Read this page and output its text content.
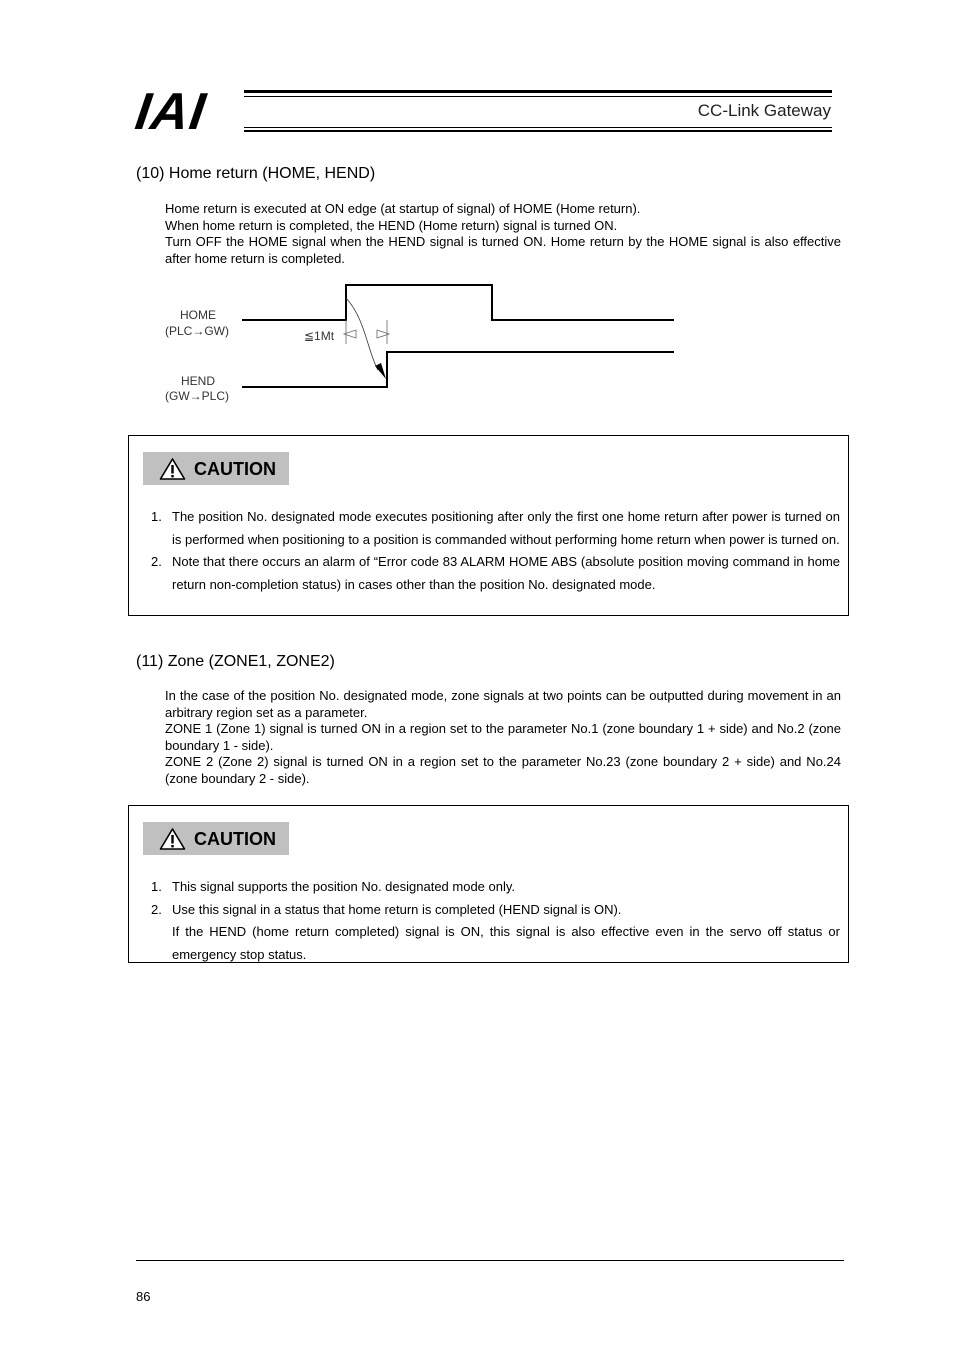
IAI	CC-Link Gateway
(10) Home return (HOME, HEND)

Home return is executed at ON edge (at startup of signal) of HOME (Home return).

When home return is completed, the HEND (Home return) signal is turned ON.

Turn OFF the HOME signal when the HEND signal is turned ON. Home return by the HOME signal is also effective after home return is completed.

HOME
(PLC→GW)
HEND
(GW→PLC)
≦1Mt
CAUTION
1. The position No. designated mode executes positioning after only the first one home return after power is turned on is performed when positioning to a position is commanded without performing home return when power is turned on.
2. Note that there occurs an alarm of “Error code 83 ALARM HOME ABS (absolute position moving command in home return non-completion status) in cases other than the position No. designated mode.
(11) Zone (ZONE1, ZONE2)

In the case of the position No. designated mode, zone signals at two points can be outputted during movement in an arbitrary region set as a parameter.

ZONE 1 (Zone 1) signal is turned ON in a region set to the parameter No.1 (zone boundary 1 + side) and No.2 (zone boundary 1 - side).

ZONE 2 (Zone 2) signal is turned ON in a region set to the parameter No.23 (zone boundary 2 + side) and No.24 (zone boundary 2 - side).

CAUTION
1. This signal supports the position No. designated mode only.
2. Use this signal in a status that home return is completed (HEND signal is ON).
If the HEND (home return completed) signal is ON, this signal is also effective even in the servo off status or emergency stop status.
86
